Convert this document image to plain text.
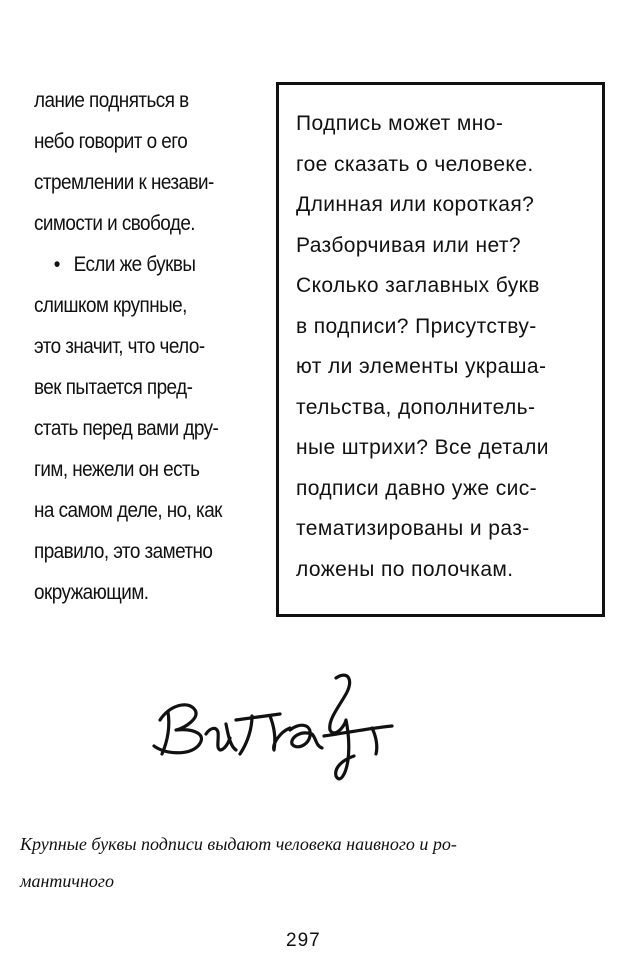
лание подняться в
небо говорит о его
стремлении к незави-
симости и свободе.
• Если же буквы
слишком крупные,
это значит, что чело-
век пытается пред-
стать перед вами дру-
гим, нежели он есть
на самом деле, но, как
правило, это заметно
окружающим.
Подпись может мно-
гое сказать о человеке.
Длинная или короткая?
Разборчивая или нет?
Сколько заглавных букв
в подписи? Присутству-
ют ли элементы украша-
тельства, дополнитель-
ные штрихи? Все детали
подписи давно уже сис-
тематизированы и раз-
ложены по полочкам.
Крупные буквы подписи выдают человека наивного и ро-
мантичного
297
